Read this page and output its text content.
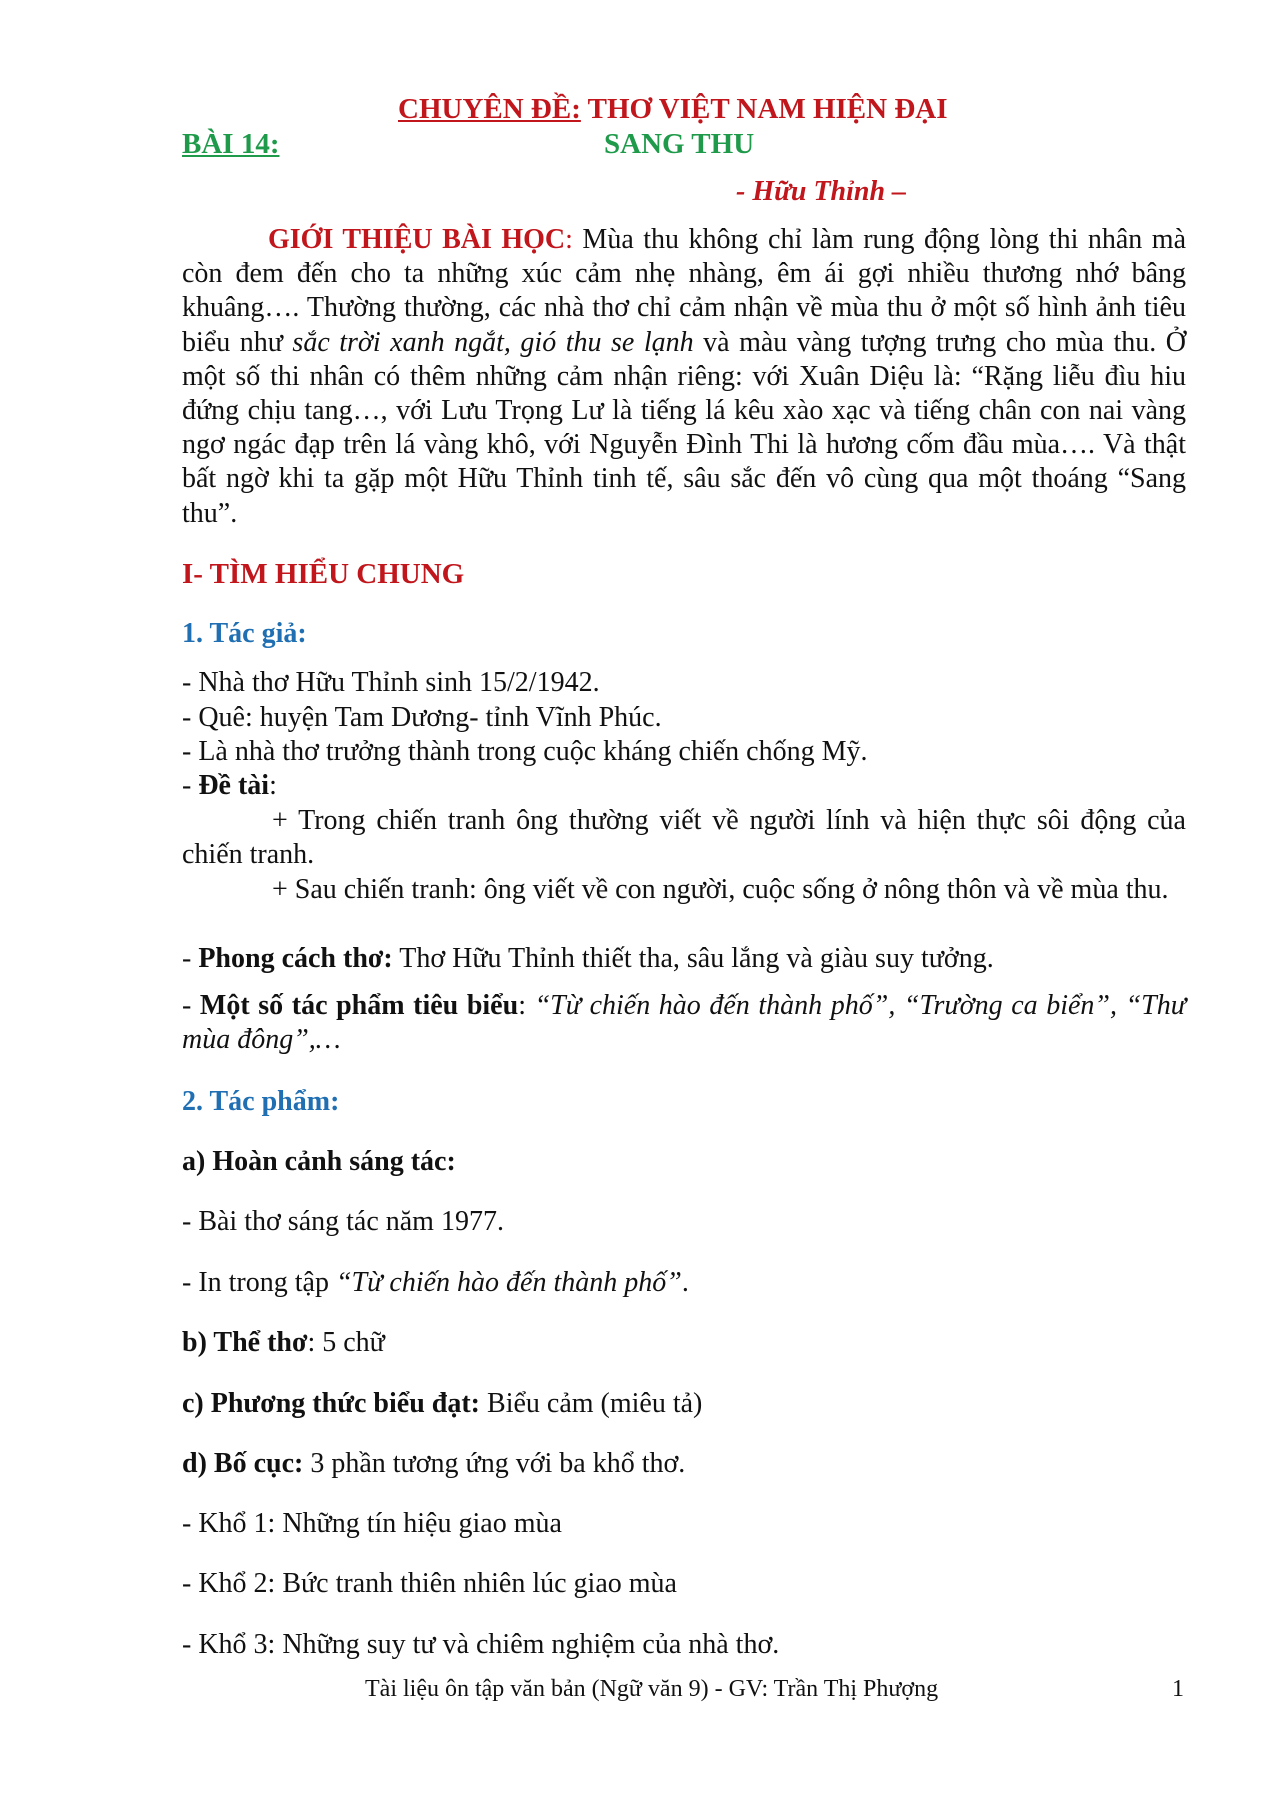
CHUYÊN ĐỀ: THƠ VIỆT NAM HIỆN ĐẠI
BÀI 14:	SANG THU
- Hữu Thỉnh –
GIỚI THIỆU BÀI HỌC: Mùa thu không chỉ làm rung động lòng thi nhân mà còn đem đến cho ta những xúc cảm nhẹ nhàng, êm ái gợi nhiều thương nhớ bâng khuâng…. Thường thường, các nhà thơ chỉ cảm nhận về mùa thu ở một số hình ảnh tiêu biểu như sắc trời xanh ngắt, gió thu se lạnh và màu vàng tượng trưng cho mùa thu. Ở một số thi nhân có thêm những cảm nhận riêng: với Xuân Diệu là: “Rặng liễu đìu hiu đứng chịu tang…, với Lưu Trọng Lư là tiếng lá kêu xào xạc và tiếng chân con nai vàng ngơ ngác đạp trên lá vàng khô, với Nguyễn Đình Thi là hương cốm đầu mùa…. Và thật bất ngờ khi ta gặp một Hữu Thỉnh tinh tế, sâu sắc đến vô cùng qua một thoáng “Sang thu”.
I- TÌM HIỂU CHUNG
1. Tác giả:
- Nhà thơ Hữu Thỉnh sinh 15/2/1942.
- Quê: huyện Tam Dương- tỉnh Vĩnh Phúc.
- Là nhà thơ trưởng thành trong cuộc kháng chiến chống Mỹ.
- Đề tài:
+ Trong chiến tranh ông thường viết về người lính và hiện thực sôi động của chiến tranh.
+ Sau chiến tranh: ông viết về con người, cuộc sống ở nông thôn và về mùa thu.
- Phong cách thơ: Thơ Hữu Thỉnh thiết tha, sâu lắng và giàu suy tưởng.
- Một số tác phẩm tiêu biểu: “Từ chiến hào đến thành phố”, “Trường ca biển”, “Thư mùa đông”,…
2. Tác phẩm:
a) Hoàn cảnh sáng tác:
- Bài thơ sáng tác năm 1977.
- In trong tập “Từ chiến hào đến thành phố”.
b) Thể thơ: 5 chữ
c) Phương thức biểu đạt: Biểu cảm (miêu tả)
d) Bố cục: 3 phần tương ứng với ba khổ thơ.
- Khổ 1: Những tín hiệu giao mùa
- Khổ 2: Bức tranh thiên nhiên lúc giao mùa
- Khổ 3: Những suy tư và chiêm nghiệm của nhà thơ.
Tài liệu ôn tập văn bản (Ngữ văn 9) - GV: Trần Thị Phượng	1
